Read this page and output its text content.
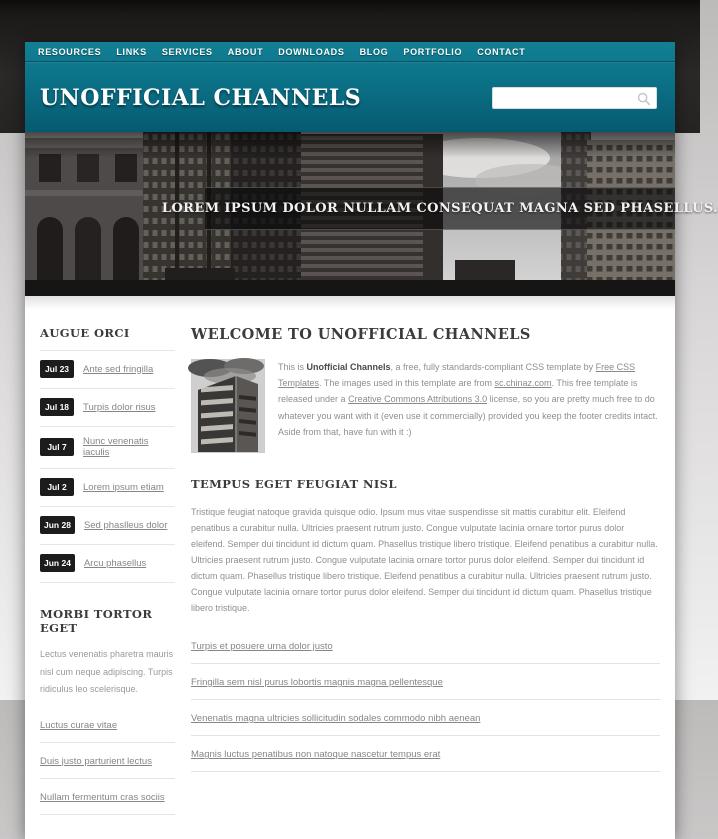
RESOURCES LINKS SERVICES ABOUT DOWNLOADS BLOG PORTFOLIO CONTACT
UNOFFICIAL CHANNELS
LOREM IPSUM DOLOR NULLAM CONSEQUAT MAGNA SED PHASELLUS.
AUGUE ORCI
Jul 23	Ante sed fringilla
Jul 18	Turpis dolor risus
Jul 7	Nunc venenatis iaculis
Jul 2	Lorem ipsum etiam
Jun 28	Sed phaslleus dolor
Jun 24	Arcu phasellus
MORBI TORTOR EGET

Lectus venenatis pharetra mauris nisl cum neque adipiscing. Turpis ridiculus leo scelerisque.

Luctus curae vitae
Duis justo parturient lectus
Nullam fermentum cras sociis
WELCOME TO UNOFFICIAL CHANNELS

This is Unofficial Channels, a free, fully standards-compliant CSS template by Free CSS Templates. The images used in this template are from sc.chinaz.com. This free template is released under a Creative Commons Attributions 3.0 license, so you are pretty much free to do whatever you want with it (even use it commercially) provided you keep the footer credits intact. Aside from that, have fun with it :)

TEMPUS EGET FEUGIAT NISL

Tristique feugiat natoque gravida quisque odio. Ipsum mus vitae suspendisse sit mattis curabitur elit. Eleifend penatibus a curabitur nulla. Ultricies praesent rutrum justo. Congue vulputate lacinia ornare tortor purus dolor eleifend. Semper dui tincidunt id dictum quam. Phasellus tristique libero tristique. Eleifend penatibus a curabitur nulla. Ultricies praesent rutrum justo. Congue vulputate lacinia ornare tortor purus dolor eleifend. Semper dui tincidunt id dictum quam. Phasellus tristique libero tristique. Eleifend penatibus a curabitur nulla. Ultricies praesent rutrum justo. Congue vulputate lacinia ornare tortor purus dolor eleifend. Semper dui tincidunt id dictum quam. Phasellus tristique libero tristique.

Turpis et posuere urna dolor justo
Fringilla sem nisl purus lobortis magnis magna pellentesque
Venenatis magna ultricies sollicitudin sodales commodo nibh aenean
Magnis luctus penatibus non natoque nascetur tempus erat
